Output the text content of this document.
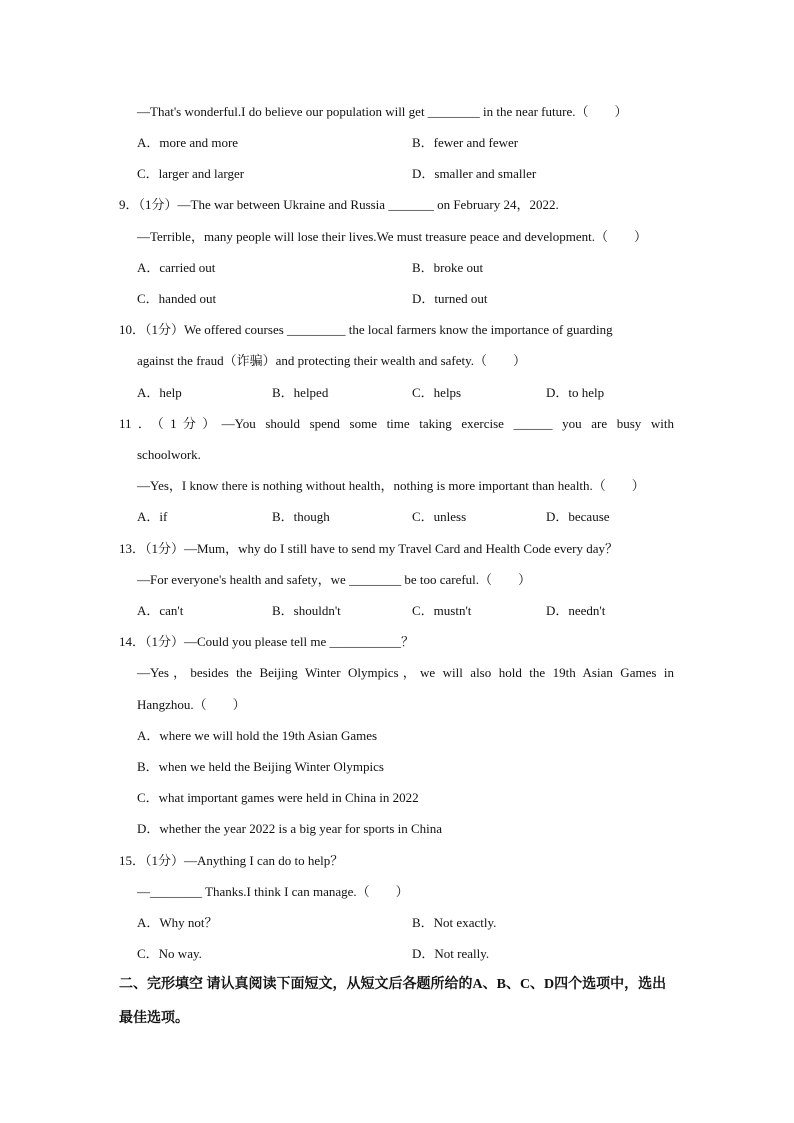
—That's wonderful.I do believe our population will get ________ in the near future.（　　）
A．more and more	B．fewer and fewer
C．larger and larger	D．smaller and smaller
9．（1分）—The war between Ukraine and Russia _______ on February 24，2022.
—Terrible，many people will lose their lives.We must treasure peace and development.（　　）
A．carried out	B．broke out
C．handed out	D．turned out
10．（1分）We offered courses _________ the local farmers know the importance of guarding
against the fraud（诈骗）and protecting their wealth and safety.（　　）
A．help	B．helped	C．helps	D．to help
11．（1分）—You should spend some time taking exercise ______ you are busy with
schoolwork.
—Yes，I know there is nothing without health，nothing is more important than health.（　　）
A．if	B．though	C．unless	D．because
13．（1分）—Mum，why do I still have to send my Travel Card and Health Code every day？
—For everyone's health and safety，we ________ be too careful.（　　）
A．can't	B．shouldn't	C．mustn't	D．needn't
14．（1分）—Could you please tell me ___________？
—Yes，besides the Beijing Winter Olympics，we will also hold the 19th Asian Games in
Hangzhou.（　　）
A．where we will hold the 19th Asian Games
B．when we held the Beijing Winter Olympics
C．what important games were held in China in 2022
D．whether the year 2022 is a big year for sports in China
15．（1分）—Anything I can do to help？
—________ Thanks.I think I can manage.（　　）
A．Why not？	B．Not exactly.
C．No way.	D．Not really.
二、完形填空 请认真阅读下面短文，从短文后各题所给的A、B、C、D四个选项中，选出
最佳选项。
